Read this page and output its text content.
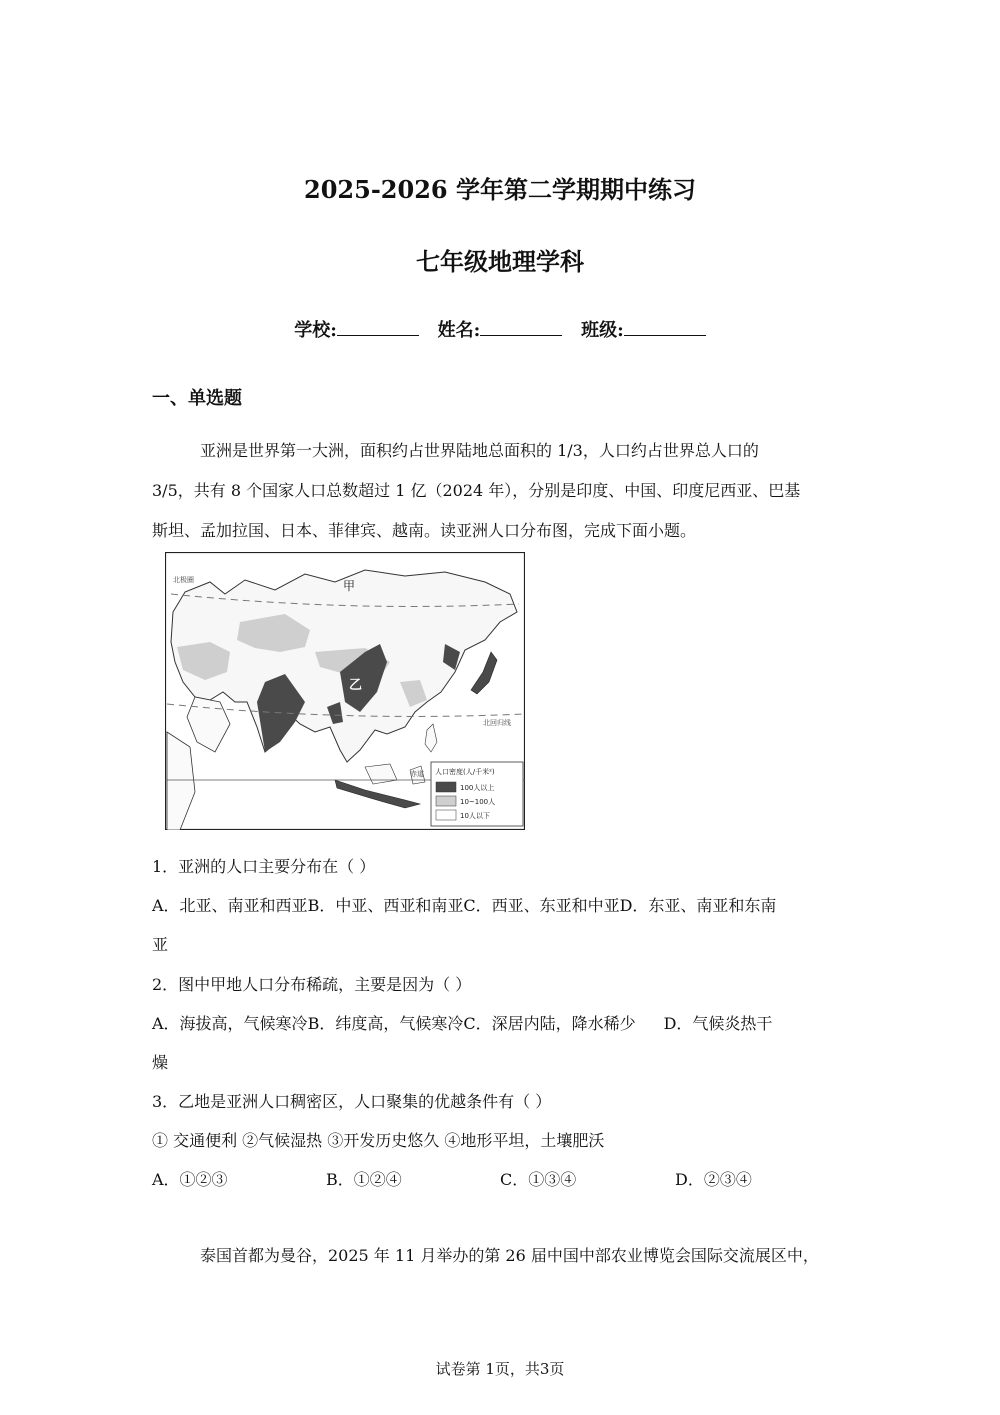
2025-2026 学年第二学期期中练习
七年级地理学科
学校:	姓名:	班级:
一、单选题
亚洲是世界第一大洲，面积约占世界陆地总面积的 1/3，人口约占世界总人口的
3/5，共有 8 个国家人口总数超过 1 亿（2024 年），分别是印度、中国、印度尼西亚、巴基
斯坦、孟加拉国、日本、菲律宾、越南。读亚洲人口分布图，完成下面小题。
北极圈	甲
乙
北回归线
赤道 人口密度(人/千米²)
100人以上
10~100人
10人以下
1．亚洲的人口主要分布在（ ）
A．北亚、南亚和西亚B．中亚、西亚和南亚C．西亚、东亚和中亚D．东亚、南亚和东南
亚
2．图中甲地人口分布稀疏，主要是因为（ ）
A．海拔高，气候寒冷B．纬度高，气候寒冷C．深居内陆，降水稀少 D．气候炎热干
燥
3．乙地是亚洲人口稠密区，人口聚集的优越条件有（ ）
① 交通便利 ②气候湿热 ③开发历史悠久 ④地形平坦，土壤肥沃
A．①②③	B．①②④	C．①③④	D．②③④
泰国首都为曼谷，2025 年 11 月举办的第 26 届中国中部农业博览会国际交流展区中，
试卷第 1页，共3页
